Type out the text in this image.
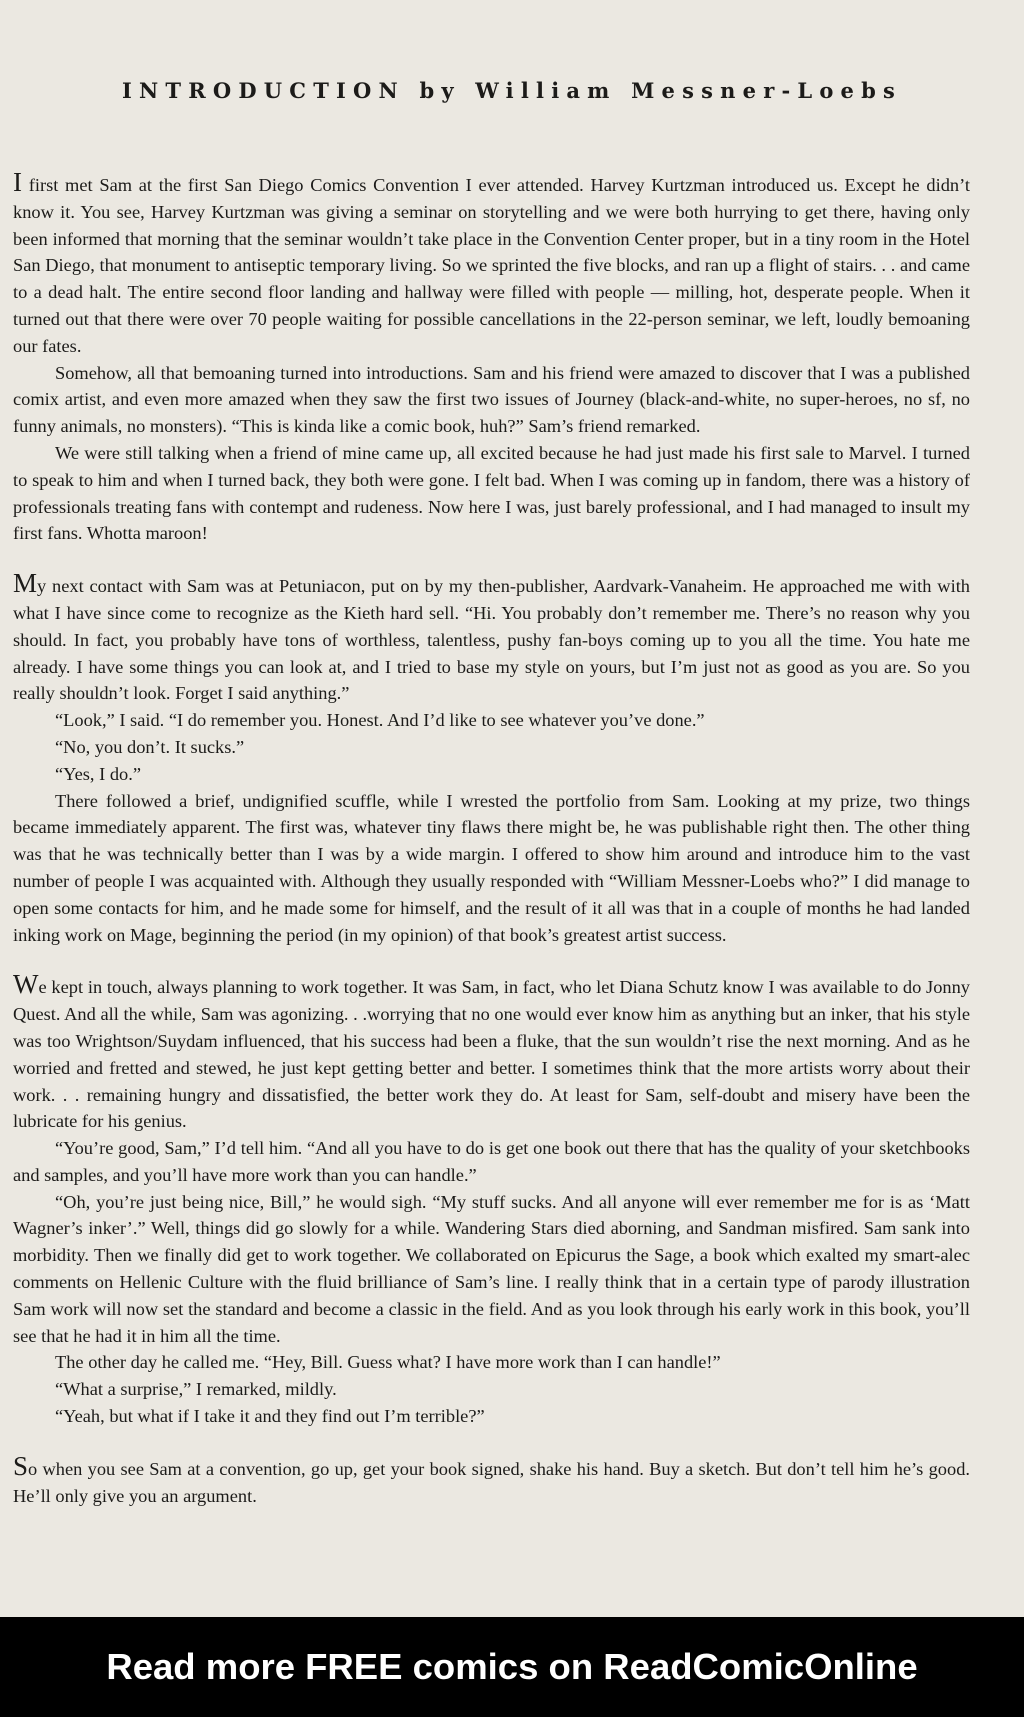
INTRODUCTION by William Messner-Loebs

I first met Sam at the first San Diego Comics Convention I ever attended. Harvey Kurtzman introduced us. Except he didn’t know it. You see, Harvey Kurtzman was giving a seminar on storytelling and we were both hurrying to get there, having only been informed that morning that the seminar wouldn’t take place in the Convention Center proper, but in a tiny room in the Hotel San Diego, that monument to antiseptic temporary living. So we sprinted the five blocks, and ran up a flight of stairs. . . and came to a dead halt. The entire second floor landing and hallway were filled with people — milling, hot, desperate people. When it turned out that there were over 70 people waiting for possible cancellations in the 22-person seminar, we left, loudly bemoaning our fates.

Somehow, all that bemoaning turned into introductions. Sam and his friend were amazed to discover that I was a published comix artist, and even more amazed when they saw the first two issues of Journey (black-and-white, no super-heroes, no sf, no funny animals, no monsters). “This is kinda like a comic book, huh?” Sam’s friend remarked.

We were still talking when a friend of mine came up, all excited because he had just made his first sale to Marvel. I turned to speak to him and when I turned back, they both were gone. I felt bad. When I was coming up in fandom, there was a history of professionals treating fans with contempt and rudeness. Now here I was, just barely professional, and I had managed to insult my first fans. Whotta maroon!

My next contact with Sam was at Petuniacon, put on by my then-publisher, Aardvark-Vanaheim. He approached me with with what I have since come to recognize as the Kieth hard sell. “Hi. You probably don’t remember me. There’s no reason why you should. In fact, you probably have tons of worthless, talentless, pushy fan-boys coming up to you all the time. You hate me already. I have some things you can look at, and I tried to base my style on yours, but I’m just not as good as you are. So you really shouldn’t look. Forget I said anything.”

“Look,” I said. “I do remember you. Honest. And I’d like to see whatever you’ve done.”

“No, you don’t. It sucks.”

“Yes, I do.”

There followed a brief, undignified scuffle, while I wrested the portfolio from Sam. Looking at my prize, two things became immediately apparent. The first was, whatever tiny flaws there might be, he was publishable right then. The other thing was that he was technically better than I was by a wide margin. I offered to show him around and introduce him to the vast number of people I was acquainted with. Although they usually responded with “William Messner-Loebs who?” I did manage to open some contacts for him, and he made some for himself, and the result of it all was that in a couple of months he had landed inking work on Mage, beginning the period (in my opinion) of that book’s greatest artist success.

We kept in touch, always planning to work together. It was Sam, in fact, who let Diana Schutz know I was available to do Jonny Quest. And all the while, Sam was agonizing. . .worrying that no one would ever know him as anything but an inker, that his style was too Wrightson/Suydam influenced, that his success had been a fluke, that the sun wouldn’t rise the next morning. And as he worried and fretted and stewed, he just kept getting better and better. I sometimes think that the more artists worry about their work. . . remaining hungry and dissatisfied, the better work they do. At least for Sam, self-doubt and misery have been the lubricate for his genius.

“You’re good, Sam,” I’d tell him. “And all you have to do is get one book out there that has the quality of your sketchbooks and samples, and you’ll have more work than you can handle.”

“Oh, you’re just being nice, Bill,” he would sigh. “My stuff sucks. And all anyone will ever remember me for is as ‘Matt Wagner’s inker’.” Well, things did go slowly for a while. Wandering Stars died aborning, and Sandman misfired. Sam sank into morbidity. Then we finally did get to work together. We collaborated on Epicurus the Sage, a book which exalted my smart-alec comments on Hellenic Culture with the fluid brilliance of Sam’s line. I really think that in a certain type of parody illustration Sam work will now set the standard and become a classic in the field. And as you look through his early work in this book, you’ll see that he had it in him all the time.

The other day he called me. “Hey, Bill. Guess what? I have more work than I can handle!”

“What a surprise,” I remarked, mildly.

“Yeah, but what if I take it and they find out I’m terrible?”

So when you see Sam at a convention, go up, get your book signed, shake his hand. Buy a sketch. But don’t tell him he’s good. He’ll only give you an argument.

Read more FREE comics on ReadComicOnline
